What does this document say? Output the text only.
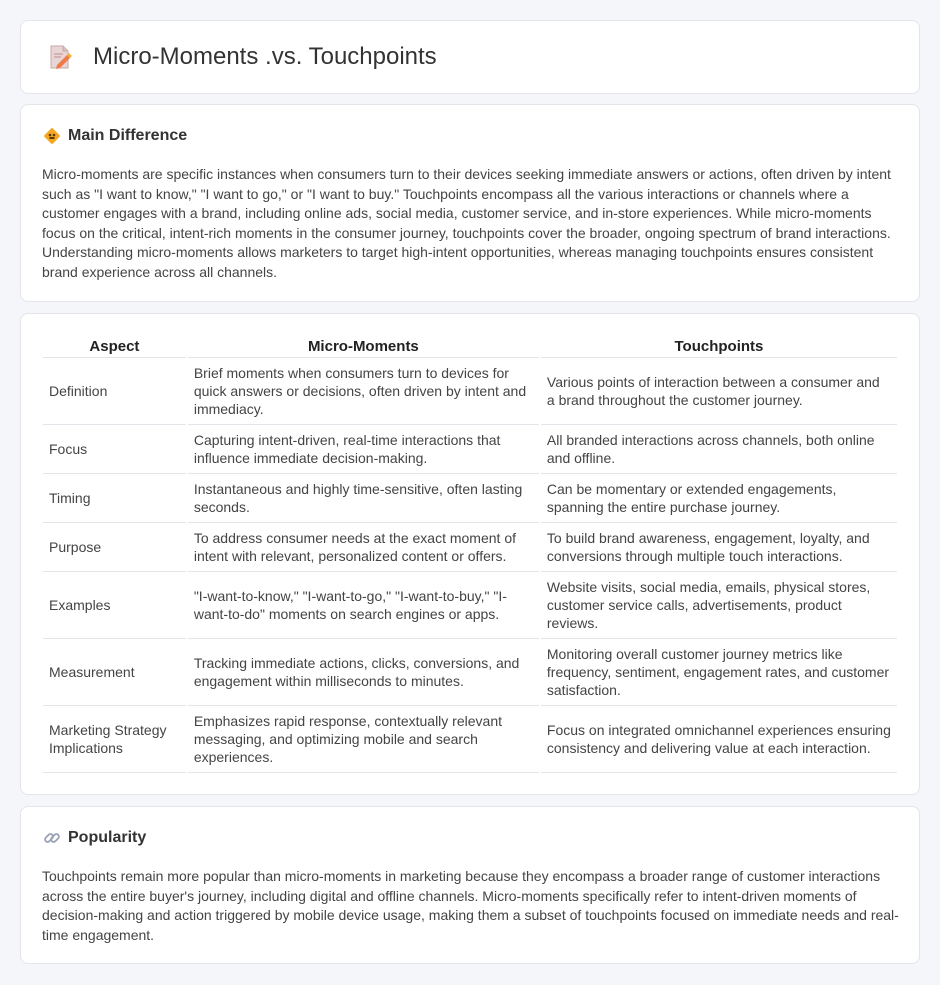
Micro-Moments .vs. Touchpoints
Main Difference

Micro-moments are specific instances when consumers turn to their devices seeking immediate answers or actions, often driven by intent such as "I want to know," "I want to go," or "I want to buy." Touchpoints encompass all the various interactions or channels where a customer engages with a brand, including online ads, social media, customer service, and in-store experiences. While micro-moments focus on the critical, intent-rich moments in the consumer journey, touchpoints cover the broader, ongoing spectrum of brand interactions. Understanding micro-moments allows marketers to target high-intent opportunities, whereas managing touchpoints ensures consistent brand experience across all channels.

Aspect	Micro-Moments	Touchpoints
Definition	Brief moments when consumers turn to devices for quick answers or decisions, often driven by intent and immediacy.	Various points of interaction between a consumer and a brand throughout the customer journey.
Focus	Capturing intent-driven, real-time interactions that influence immediate decision-making.	All branded interactions across channels, both online and offline.
Timing	Instantaneous and highly time-sensitive, often lasting seconds.	Can be momentary or extended engagements, spanning the entire purchase journey.
Purpose	To address consumer needs at the exact moment of intent with relevant, personalized content or offers.	To build brand awareness, engagement, loyalty, and conversions through multiple touch interactions.
Examples	"I-want-to-know," "I-want-to-go," "I-want-to-buy," "I-want-to-do" moments on search engines or apps.	Website visits, social media, emails, physical stores, customer service calls, advertisements, product reviews.
Measurement	Tracking immediate actions, clicks, conversions, and engagement within milliseconds to minutes.	Monitoring overall customer journey metrics like frequency, sentiment, engagement rates, and customer satisfaction.
Marketing Strategy Implications	Emphasizes rapid response, contextually relevant messaging, and optimizing mobile and search experiences.	Focus on integrated omnichannel experiences ensuring consistency and delivering value at each interaction.
Popularity

Touchpoints remain more popular than micro-moments in marketing because they encompass a broader range of customer interactions across the entire buyer's journey, including digital and offline channels. Micro-moments specifically refer to intent-driven moments of decision-making and action triggered by mobile device usage, making them a subset of touchpoints focused on immediate needs and real-time engagement.
